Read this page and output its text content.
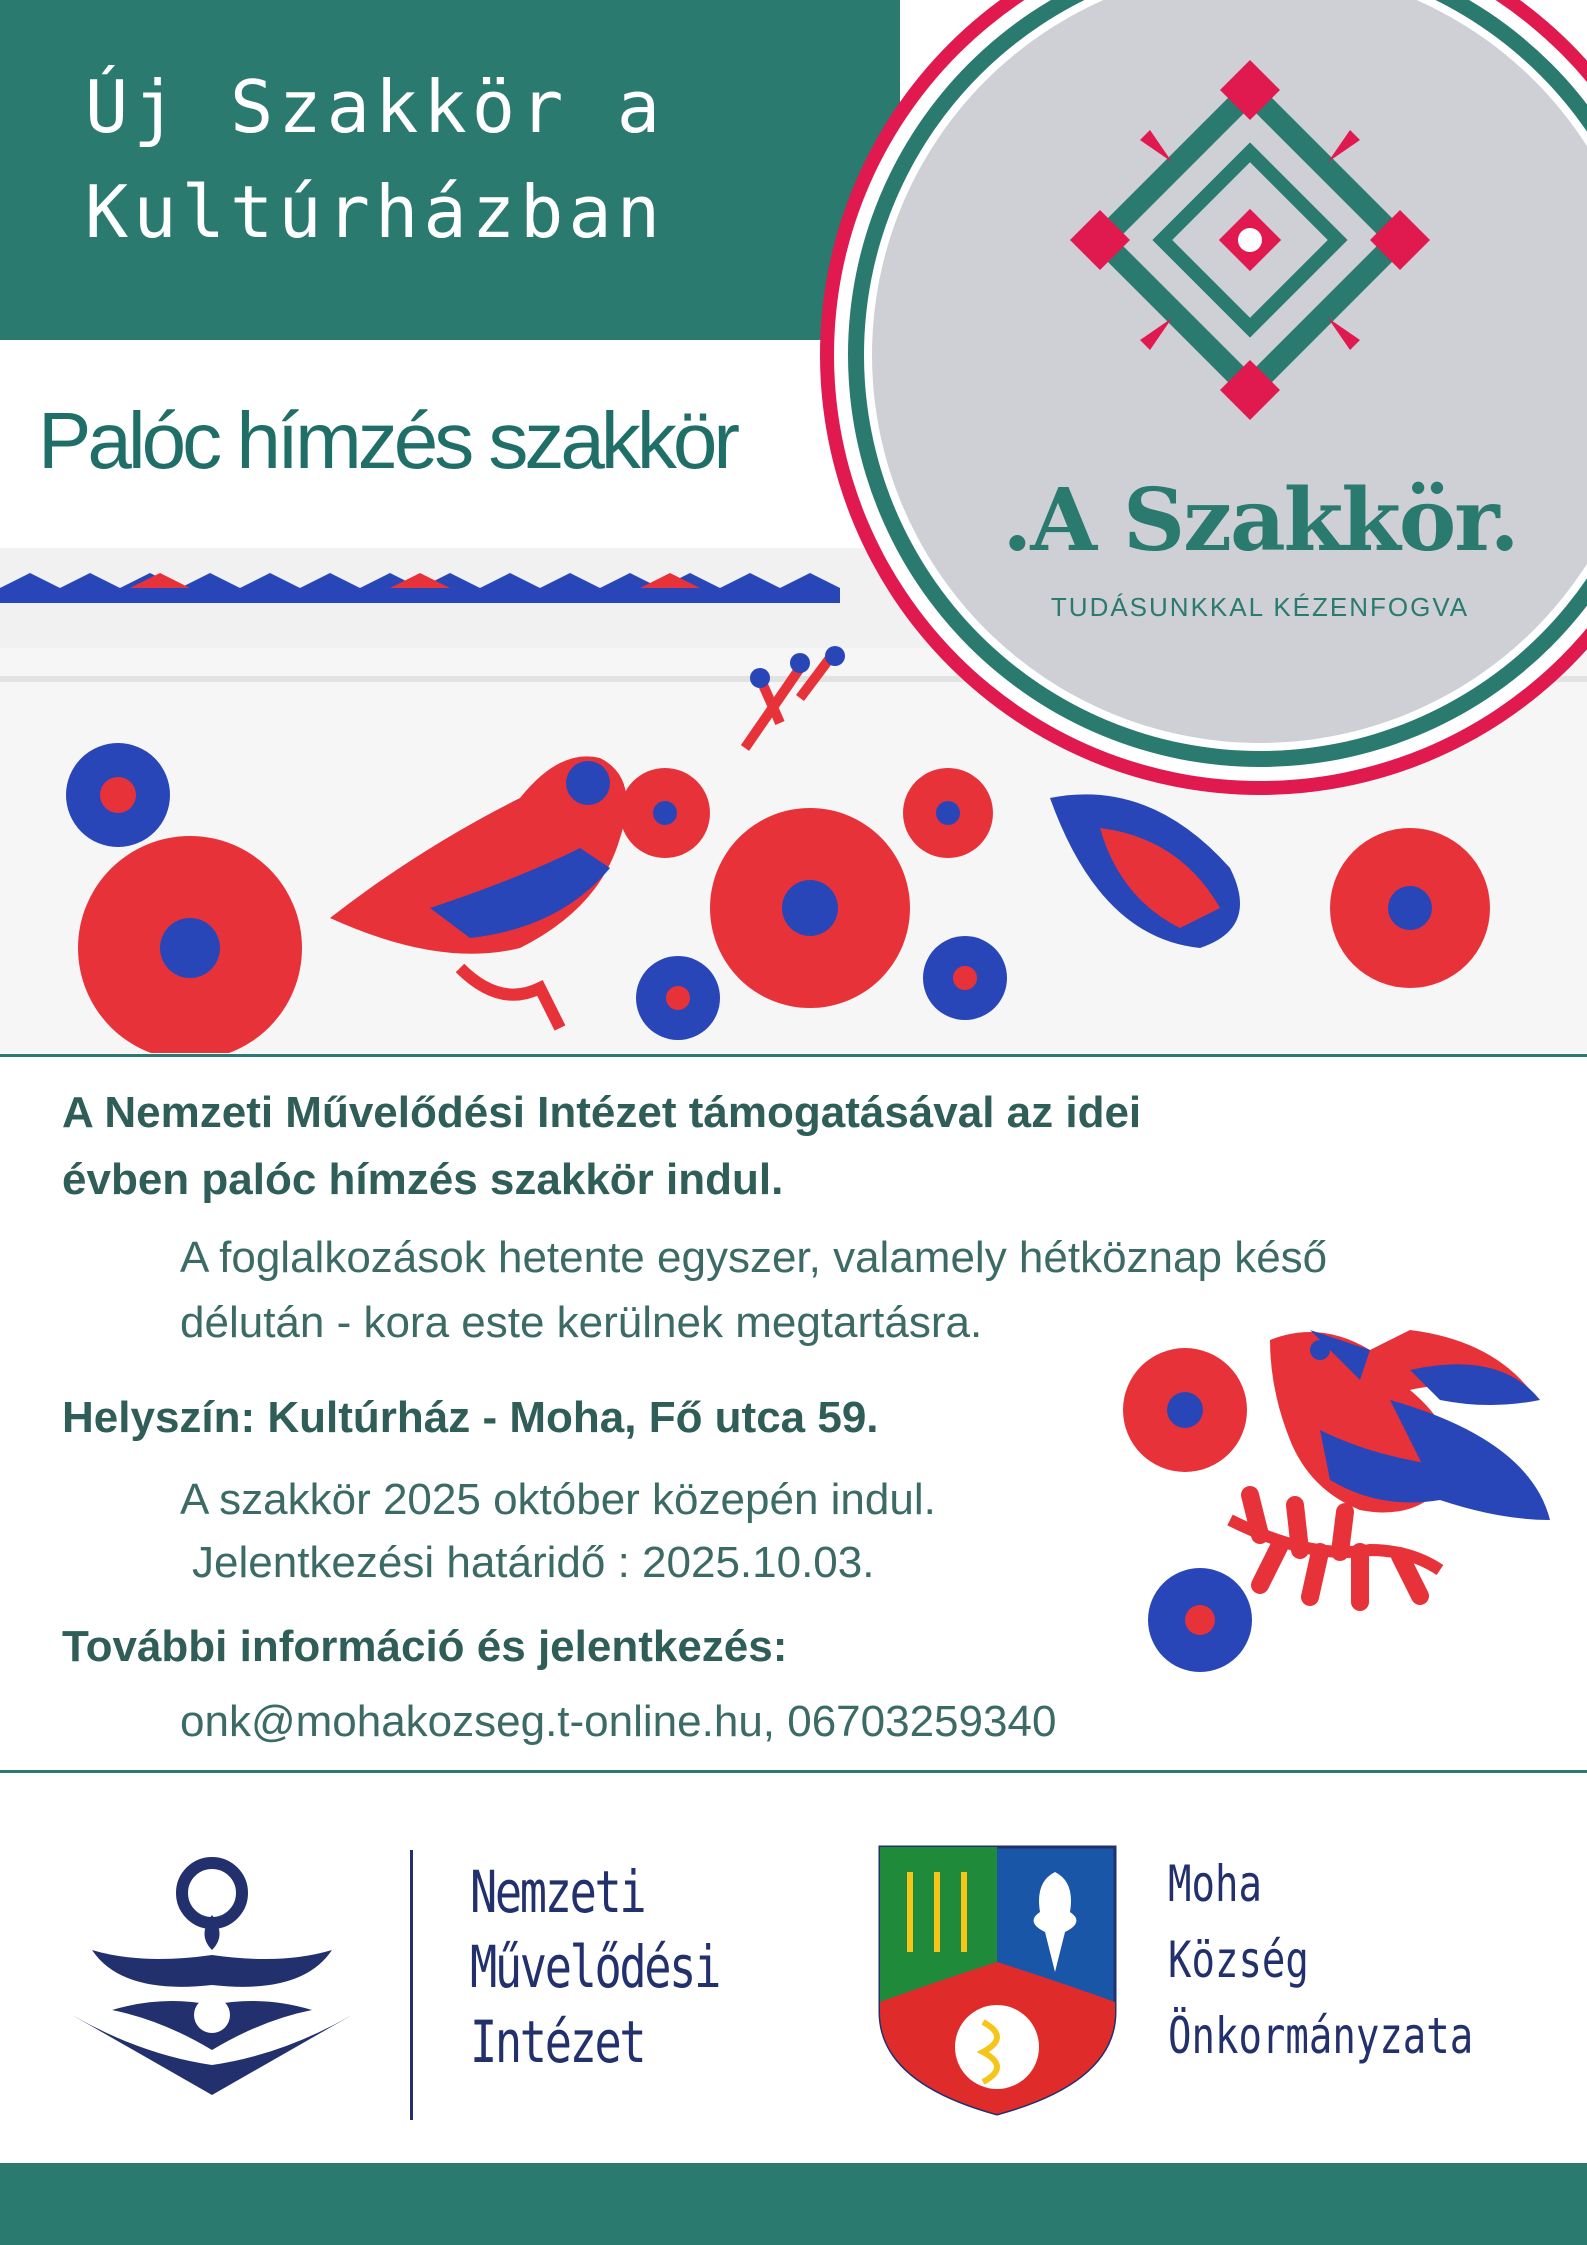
Új Szakkör a
Kultúrházban
Palóc hímzés szakkör
.A Szakkör.
TUDÁSUNKKAL KÉZENFOGVA
A Nemzeti Művelődési Intézet támogatásával az idei
évben palóc hímzés szakkör indul.
A foglalkozások hetente egyszer, valamely hétköznap késő
délután - kora este kerülnek megtartásra.
Helyszín: Kultúrház - Moha, Fő utca 59.
A szakkör 2025 október közepén indul.
Jelentkezési határidő : 2025.10.03.
További információ és jelentkezés:
onk@mohakozseg.t-online.hu, 06703259340
Nemzeti
Művelődési
Intézet
Moha
Község
Önkormányzata
